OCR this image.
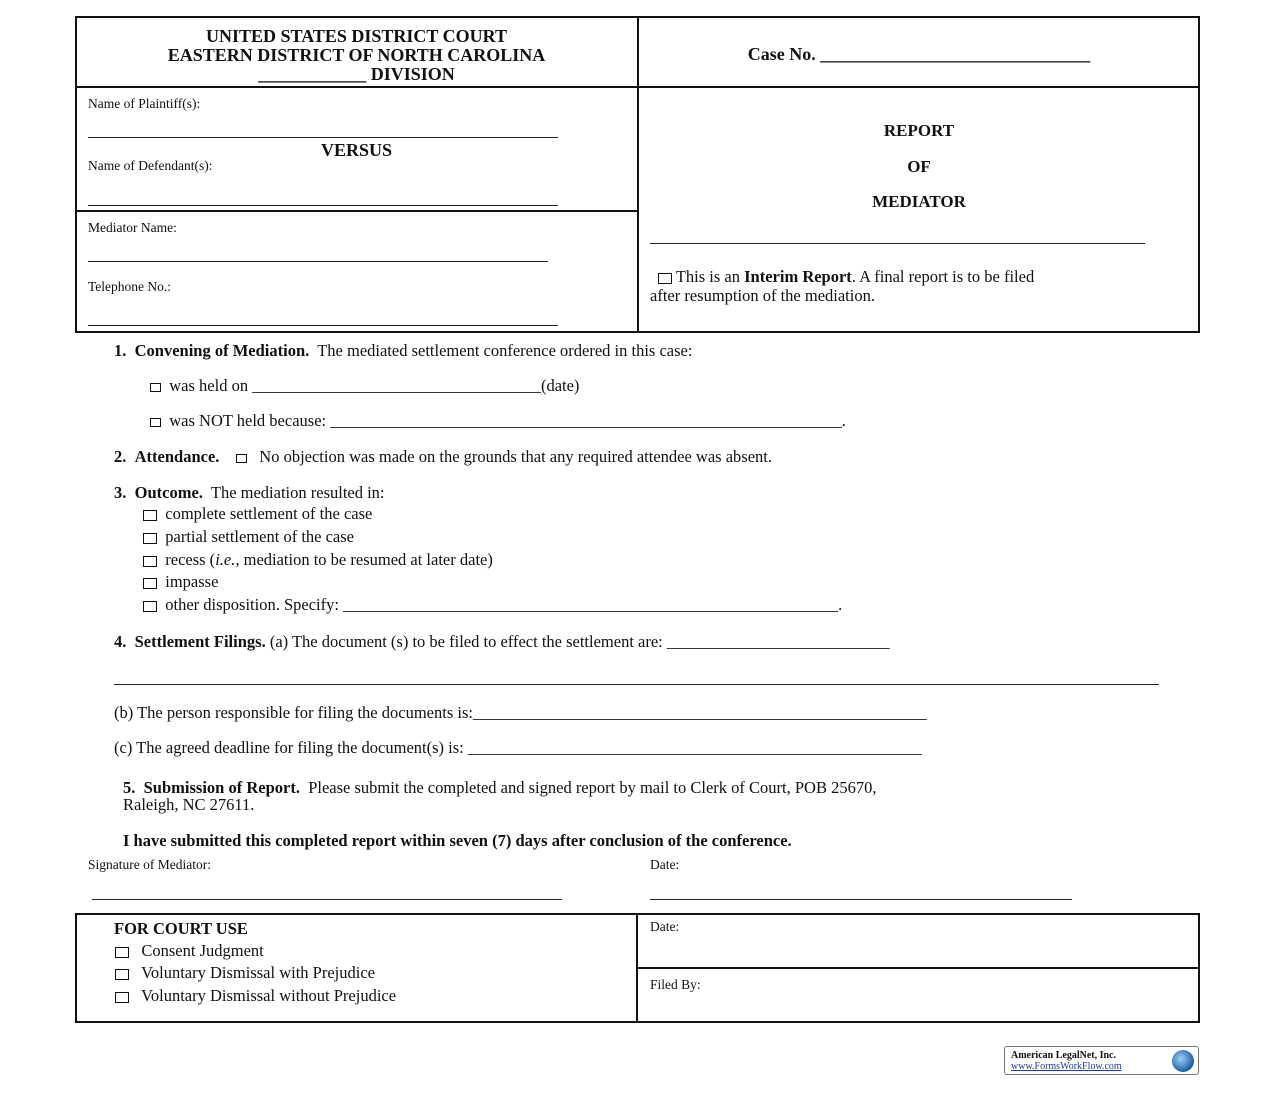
UNITED STATES DISTRICT COURT
EASTERN DISTRICT OF NORTH CAROLINA
____________ DIVISION
Case No. ______________________________
Name of Plaintiff(s):
VERSUS
Name of Defendant(s):
Mediator Name:
Telephone No.:
REPORT
OF
MEDIATOR
This is an Interim Report. A final report is to be filed
after resumption of the mediation.
1. Convening of Mediation. The mediated settlement conference ordered in this case:
was held on ___________________________________(date)
was NOT held because: ______________________________________________________________.
2. Attendance. No objection was made on the grounds that any required attendee was absent.
3. Outcome. The mediation resulted in:
complete settlement of the case
partial settlement of the case
recess (i.e., mediation to be resumed at later date)
impasse
other disposition. Specify: ____________________________________________________________.
4. Settlement Filings. (a) The document (s) to be filed to effect the settlement are: ___________________________
(b) The person responsible for filing the documents is:_______________________________________________________
(c) The agreed deadline for filing the document(s) is: _______________________________________________________
5. Submission of Report. Please submit the completed and signed report by mail to Clerk of Court, POB 25670,
Raleigh, NC 27611.
I have submitted this completed report within seven (7) days after conclusion of the conference.
Signature of Mediator:	Date:
FOR COURT USE
Consent Judgment
Voluntary Dismissal with Prejudice
Voluntary Dismissal without Prejudice
Date:
Filed By:
American LegalNet, Inc.
www.FormsWorkFlow.com
